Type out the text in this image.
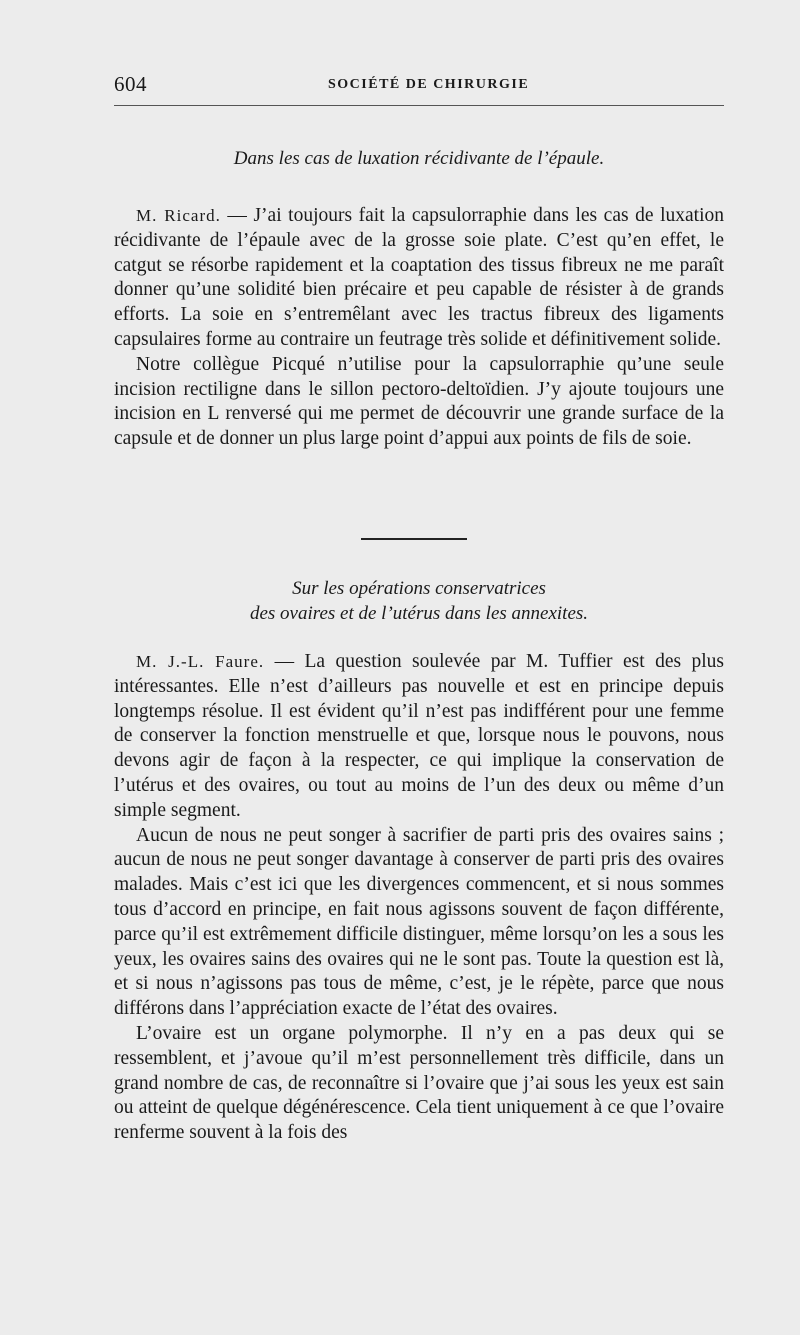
604	SOCIÉTÉ DE CHIRURGIE
Dans les cas de luxation récidivante de l’épaule.

M. Ricard. — J’ai toujours fait la capsulorraphie dans les cas de luxation récidivante de l’épaule avec de la grosse soie plate. C’est qu’en effet, le catgut se résorbe rapidement et la coaptation des tissus fibreux ne me paraît donner qu’une solidité bien précaire et peu capable de résister à de grands efforts. La soie en s’entremêlant avec les tractus fibreux des ligaments capsulaires forme au contraire un feutrage très solide et définitivement solide.

Notre collègue Picqué n’utilise pour la capsulorraphie qu’une seule incision rectiligne dans le sillon pectoro-deltoïdien. J’y ajoute toujours une incision en L renversé qui me permet de découvrir une grande surface de la capsule et de donner un plus large point d’appui aux points de fils de soie.

Sur les opérations conservatrices
des ovaires et de l’utérus dans les annexites.

M. J.-L. Faure. — La question soulevée par M. Tuffier est des plus intéressantes. Elle n’est d’ailleurs pas nouvelle et est en principe depuis longtemps résolue. Il est évident qu’il n’est pas indifférent pour une femme de conserver la fonction menstruelle et que, lorsque nous le pouvons, nous devons agir de façon à la respecter, ce qui implique la conservation de l’utérus et des ovaires, ou tout au moins de l’un des deux ou même d’un simple segment.

Aucun de nous ne peut songer à sacrifier de parti pris des ovaires sains ; aucun de nous ne peut songer davantage à conserver de parti pris des ovaires malades. Mais c’est ici que les divergences commencent, et si nous sommes tous d’accord en principe, en fait nous agissons souvent de façon différente, parce qu’il est extrêmement difficile distinguer, même lorsqu’on les a sous les yeux, les ovaires sains des ovaires qui ne le sont pas. Toute la question est là, et si nous n’agissons pas tous de même, c’est, je le répète, parce que nous différons dans l’appréciation exacte de l’état des ovaires.

L’ovaire est un organe polymorphe. Il n’y en a pas deux qui se ressemblent, et j’avoue qu’il m’est personnellement très difficile, dans un grand nombre de cas, de reconnaître si l’ovaire que j’ai sous les yeux est sain ou atteint de quelque dégénérescence. Cela tient uniquement à ce que l’ovaire renferme souvent à la fois des
